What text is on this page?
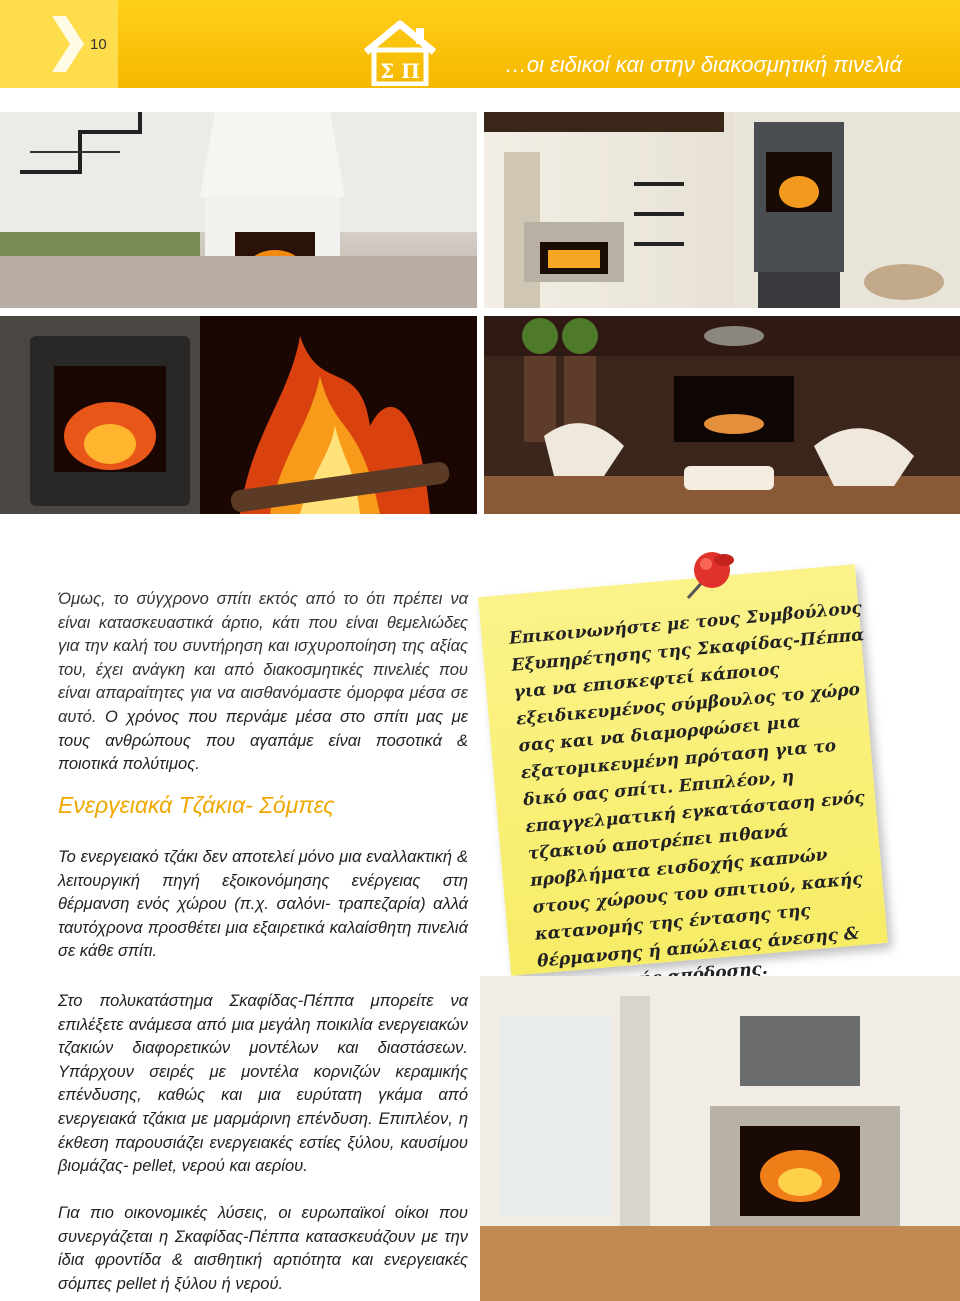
10
Σ Π	…οι ειδικοί και στην διακοσμητική πινελιά
Όμως, το σύγχρονο σπίτι εκτός από το ότι πρέπει να είναι κατασκευαστικά άρτιο, κάτι που είναι θεμελιώδες για την καλή του συντήρηση και ισχυροποίηση της αξίας του, έχει ανάγκη και από διακοσμητικές πινελιές που είναι απαραίτητες για να αισθανόμαστε όμορφα μέσα σε αυτό. Ο χρόνος που περνάμε μέσα στο σπίτι μας με τους ανθρώπους που αγαπάμε είναι ποσοτικά & ποιοτικά πολύτιμος.
Ενεργειακά Τζάκια- Σόμπες
Το ενεργειακό τζάκι δεν αποτελεί μόνο μια εναλλακτική & λειτουργική πηγή εξοικονόμησης ενέργειας στη θέρμανση ενός χώρου (π.χ. σαλόνι- τραπεζαρία) αλλά ταυτόχρονα προσθέτει μια εξαιρετικά καλαίσθητη πινελιά σε κάθε σπίτι.
Στο πολυκατάστημα Σκαφίδας-Πέππα μπορείτε να επιλέξετε ανάμεσα από μια μεγάλη ποικιλία ενεργειακών τζακιών διαφορετικών μοντέλων και διαστάσεων. Υπάρχουν σειρές με μοντέλα κορνιζών κεραμικής επένδυσης, καθώς και μια ευρύτατη γκάμα από ενεργειακά τζάκια με μαρμάρινη επένδυση. Επιπλέον, η έκθεση παρουσιάζει ενεργειακές εστίες ξύλου, καυσίμου βιομάζας- pellet, νερού και αερίου.
Για πιο οικονομικές λύσεις, οι ευρωπαϊκοί οίκοι που συνεργάζεται η Σκαφίδας-Πέππα κατασκευάζουν με την ίδια φροντίδα & αισθητική αρτιότητα και ενεργειακές σόμπες pellet ή ξύλου ή νερού.
Επικοινωνήστε με τους Συμβούλους Εξυπηρέτησης της Σκαφίδας-Πέππα για να επισκεφτεί κάποιος εξειδικευμένος σύμβουλος το χώρο σας και να διαμορφώσει μια εξατομικευμένη πρόταση για το δικό σας σπίτι. Επιπλέον, η επαγγελματική εγκατάσταση ενός τζακιού αποτρέπει πιθανά προβλήματα εισδοχής καπνών στους χώρους του σπιτιού, κακής κατανομής της έντασης της θέρμανσης ή απώλειας άνεσης & απόδοσης.
